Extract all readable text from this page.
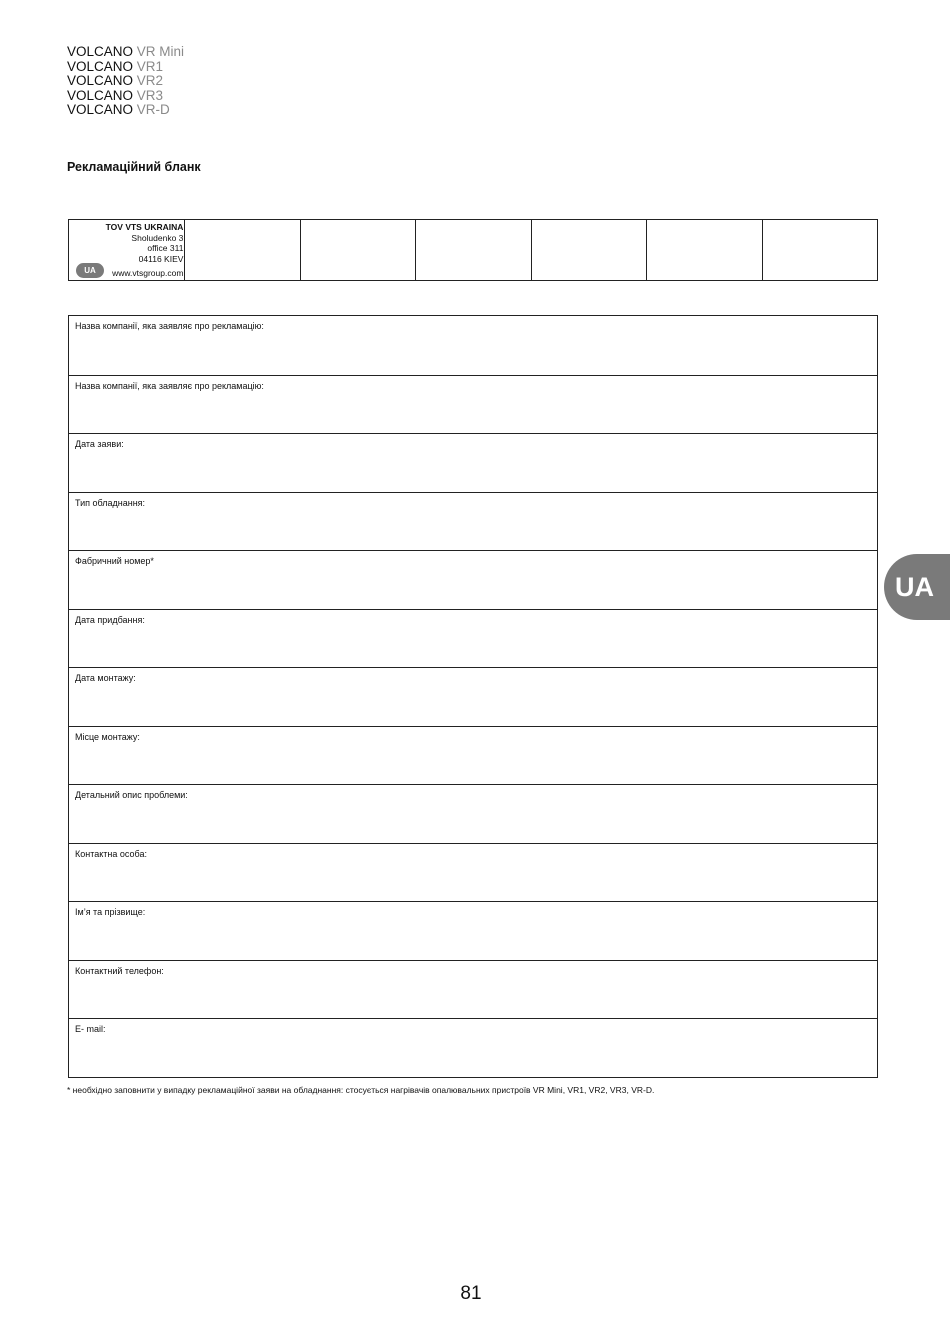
VOLCANO VR Mini
VOLCANO VR1
VOLCANO VR2
VOLCANO VR3
VOLCANO VR-D
Рекламаційний бланк
TOV VTS UKRAINA
Sholudenko 3
office 311
04116 KIEV
UA	www.vtsgroup.com
Назва компанії, яка заявляє про рекламацію:
Назва компанії, яка заявляє про рекламацію:
Дата заяви:
Тип обладнання:
Фабричний номер*
Дата придбання:
Дата монтажу:
Місце монтажу:
Детальний опис проблеми:
Контактна особа:
Ім’я та прізвище:
Контактний телефон:
E- mail:
* необхідно заповнити у випадку рекламаційної заяви на обладнання: стосується нагрівачів опалювальних пристроїв VR Mini, VR1, VR2, VR3, VR-D.
UA
81
